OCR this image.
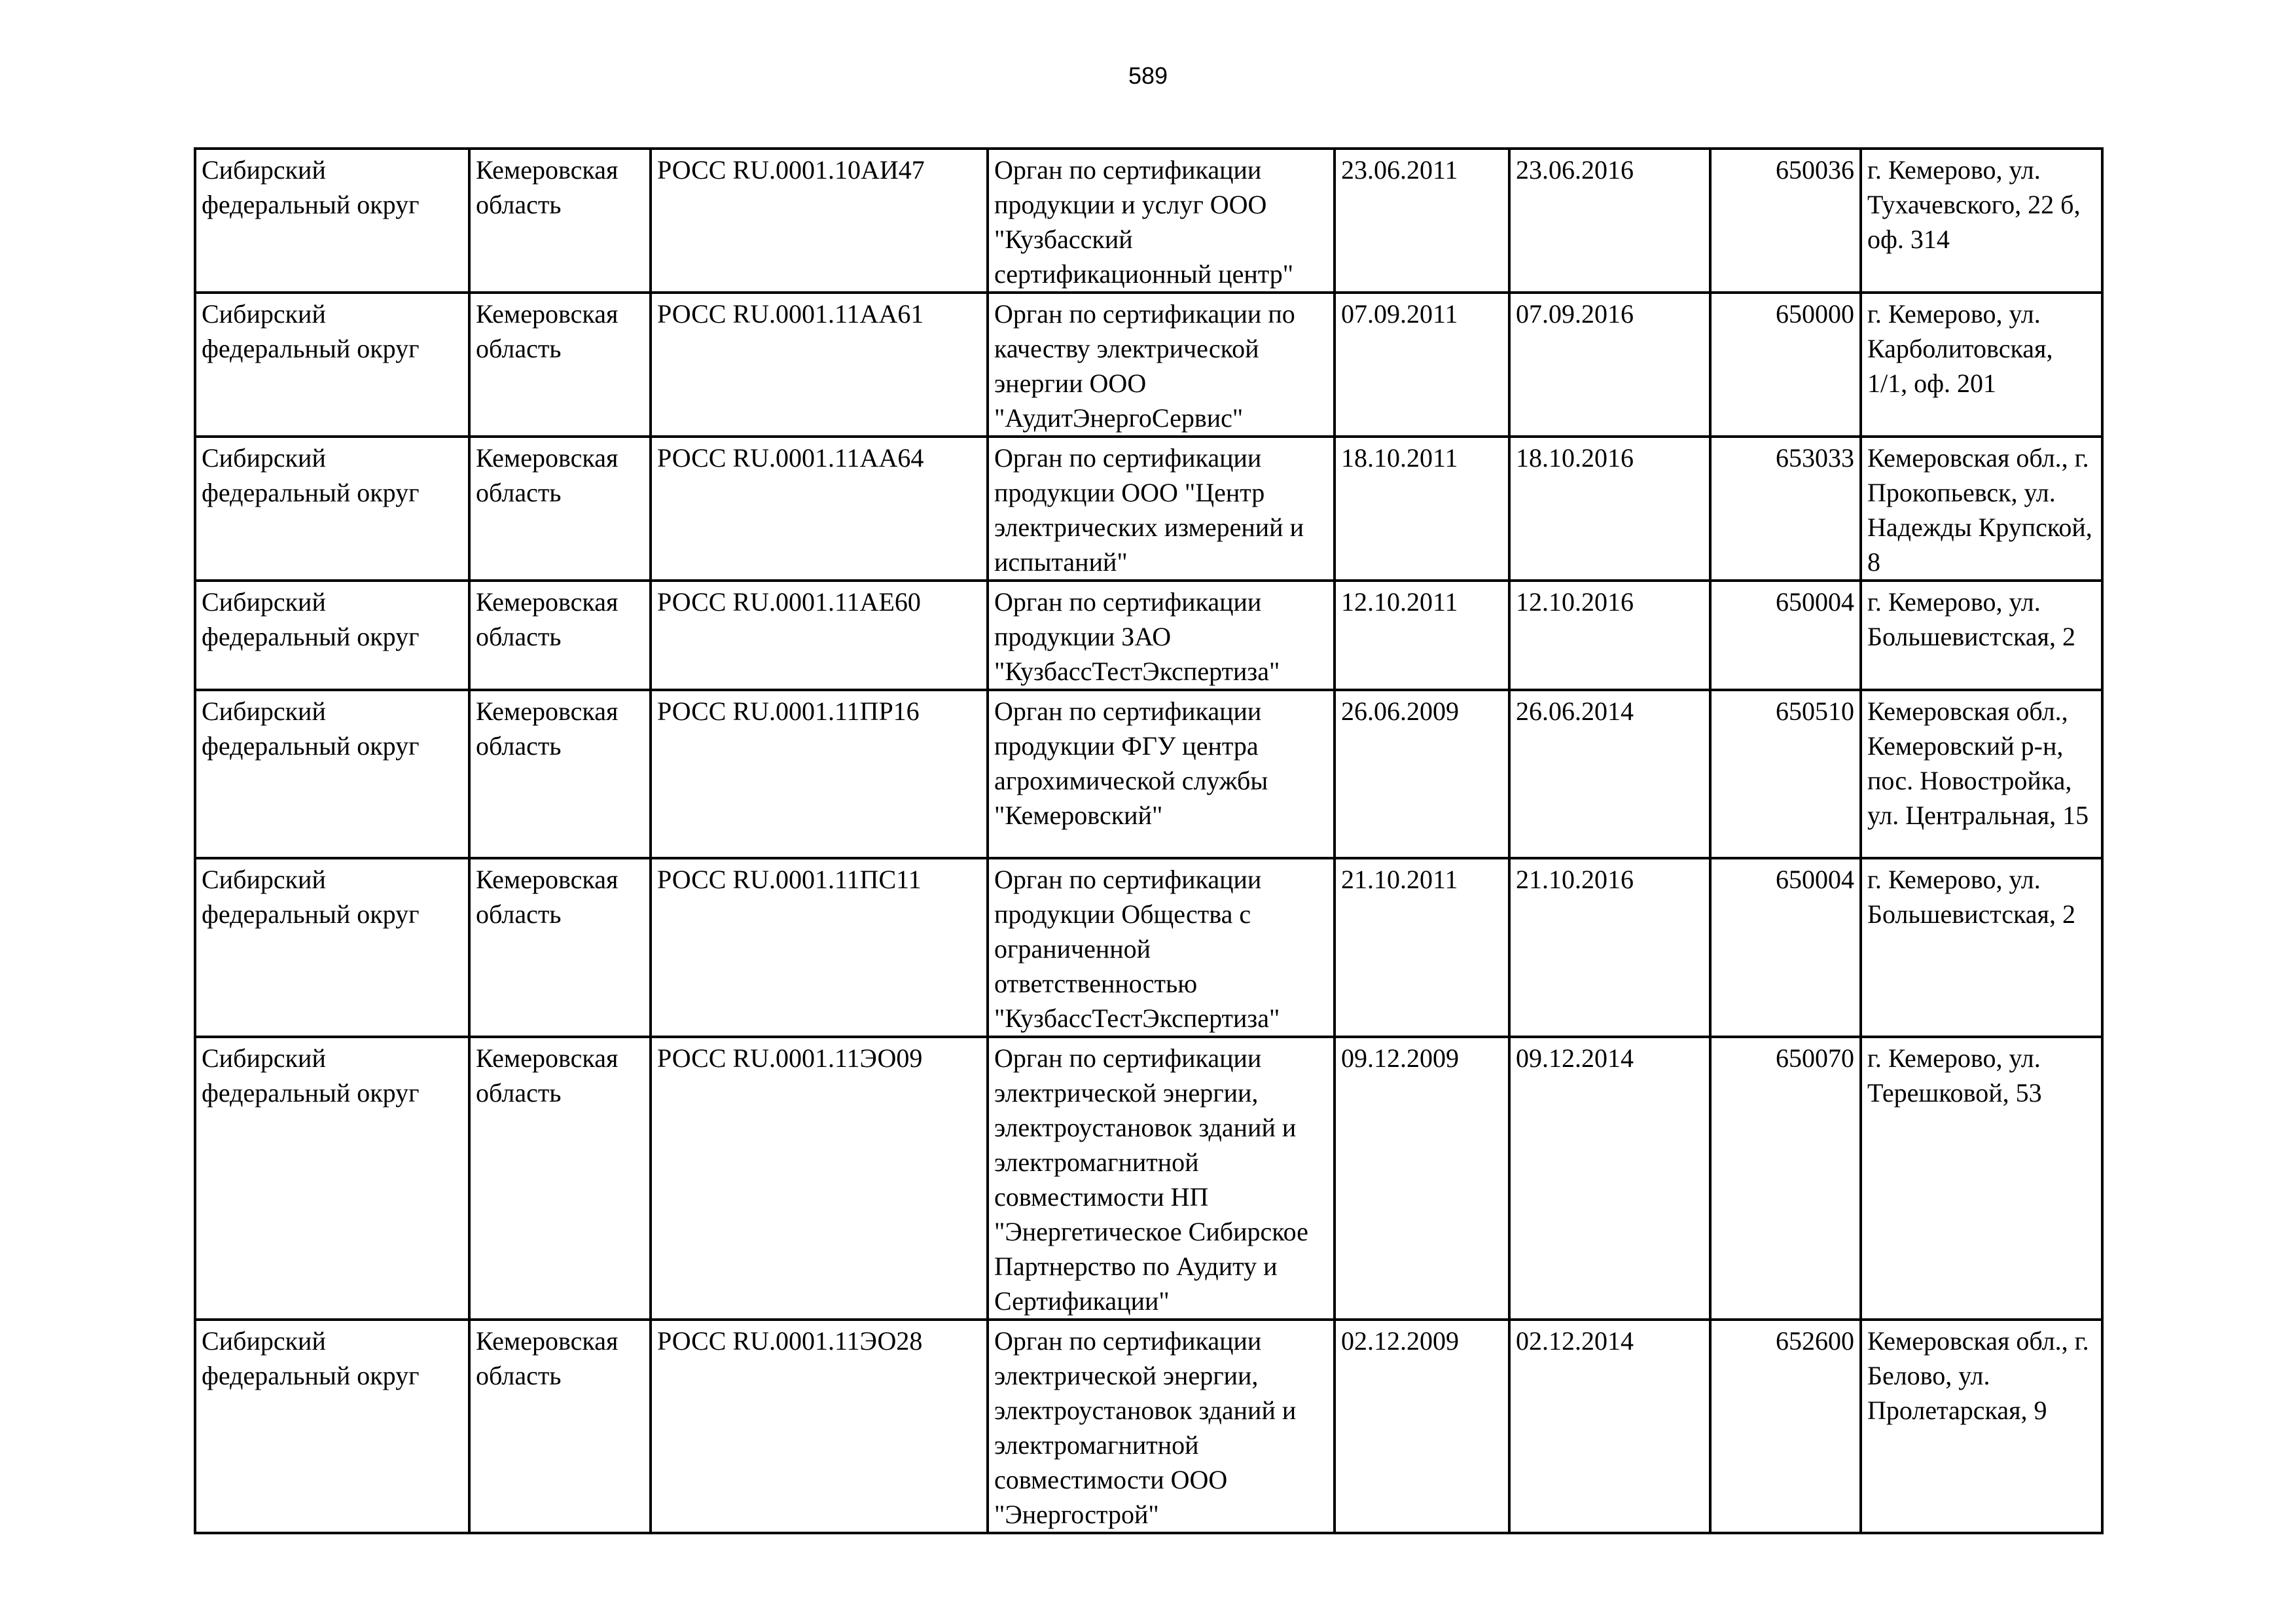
589
Сибирский федеральный округ	Кемеровская область	РОСС RU.0001.10АИ47	Орган по сертификации продукции и услуг ООО "Кузбасский сертификационный центр"	23.06.2011	23.06.2016	650036	г. Кемерово, ул. Тухачевского, 22 б, оф. 314
Сибирский федеральный округ	Кемеровская область	РОСС RU.0001.11АА61	Орган по сертификации по качеству электрической энергии ООО "АудитЭнергоСервис"	07.09.2011	07.09.2016	650000	г. Кемерово, ул. Карболитовская, 1/1, оф. 201
Сибирский федеральный округ	Кемеровская область	РОСС RU.0001.11АА64	Орган по сертификации продукции ООО "Центр электрических измерений и испытаний"	18.10.2011	18.10.2016	653033	Кемеровская обл., г. Прокопьевск, ул. Надежды Крупской, 8
Сибирский федеральный округ	Кемеровская область	РОСС RU.0001.11АЕ60	Орган по сертификации продукции ЗАО "КузбассТестЭкспертиза"	12.10.2011	12.10.2016	650004	г. Кемерово, ул. Большевистская, 2
Сибирский федеральный округ	Кемеровская область	РОСС RU.0001.11ПР16	Орган по сертификации продукции ФГУ центра агрохимической службы "Кемеровский"	26.06.2009	26.06.2014	650510	Кемеровская обл., Кемеровский р-н, пос. Новостройка, ул. Центральная, 15
Сибирский федеральный округ	Кемеровская область	РОСС RU.0001.11ПС11	Орган по сертификации продукции Общества с ограниченной ответственностью "КузбассТестЭкспертиза"	21.10.2011	21.10.2016	650004	г. Кемерово, ул. Большевистская, 2
Сибирский федеральный округ	Кемеровская область	РОСС RU.0001.11ЭО09	Орган по сертификации электрической энергии, электроустановок зданий и электромагнитной совместимости НП "Энергетическое Сибирское Партнерство по Аудиту и Сертификации"	09.12.2009	09.12.2014	650070	г. Кемерово, ул. Терешковой, 53
Сибирский федеральный округ	Кемеровская область	РОСС RU.0001.11ЭО28	Орган по сертификации электрической энергии, электроустановок зданий и электромагнитной совместимости ООО "Энергострой"	02.12.2009	02.12.2014	652600	Кемеровская обл., г. Белово, ул. Пролетарская, 9
